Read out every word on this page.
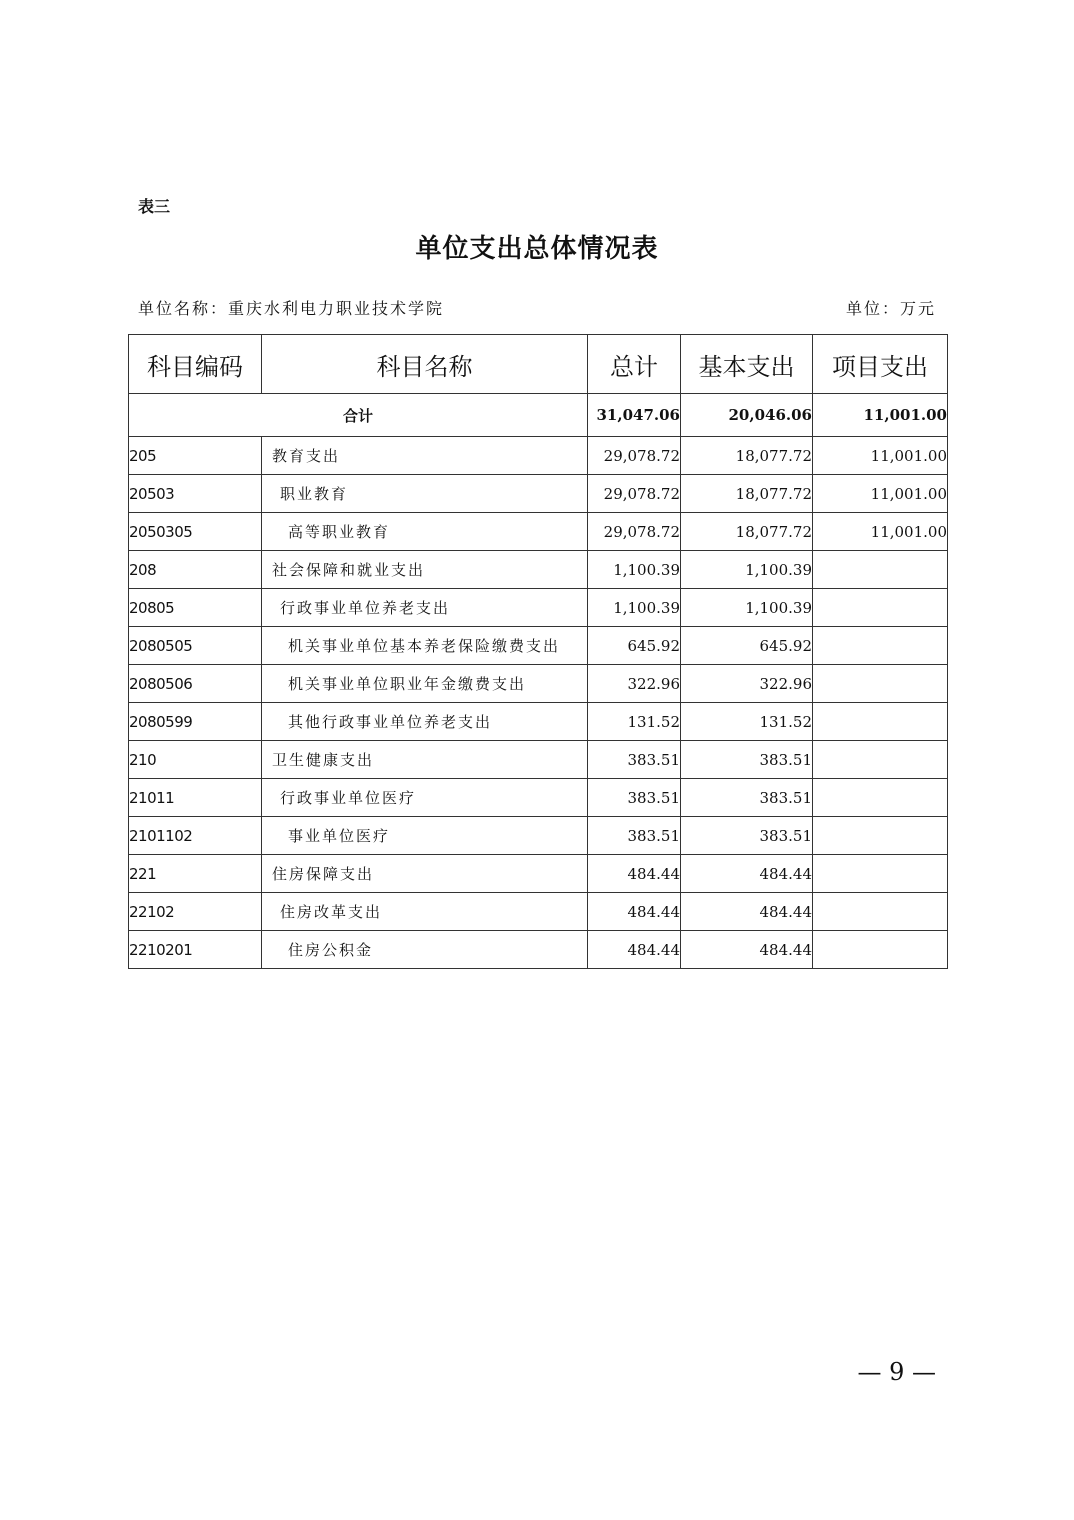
表三
单位支出总体情况表
单位名称：重庆水利电力职业技术学院	单位：万元
科目编码	科目名称	总计	基本支出	项目支出
合计		31,047.06	20,046.06	11,001.00
205	教育支出	29,078.72	18,077.72	11,001.00
20503	职业教育	29,078.72	18,077.72	11,001.00
2050305	高等职业教育	29,078.72	18,077.72	11,001.00
208	社会保障和就业支出	1,100.39	1,100.39	
20805	行政事业单位养老支出	1,100.39	1,100.39	
2080505	机关事业单位基本养老保险缴费支出	645.92	645.92	
2080506	机关事业单位职业年金缴费支出	322.96	322.96	
2080599	其他行政事业单位养老支出	131.52	131.52	
210	卫生健康支出	383.51	383.51	
21011	行政事业单位医疗	383.51	383.51	
2101102	事业单位医疗	383.51	383.51	
221	住房保障支出	484.44	484.44	
22102	住房改革支出	484.44	484.44	
2210201	住房公积金	484.44	484.44	
— 9 —
